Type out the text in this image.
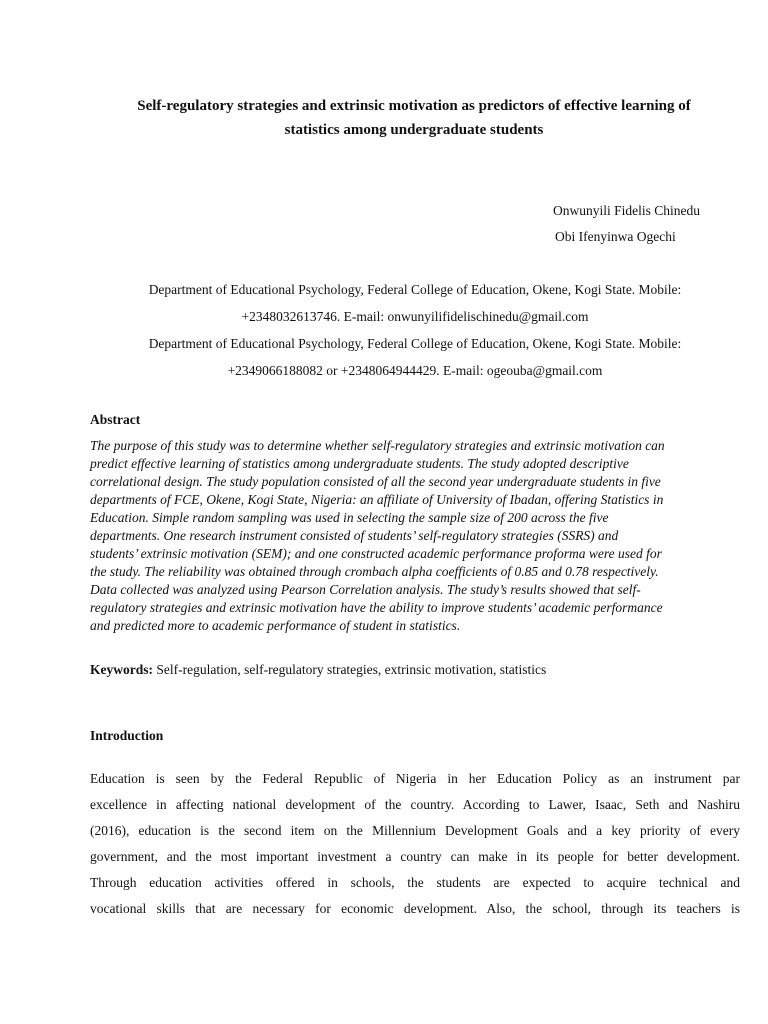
Self-regulatory strategies and extrinsic motivation as predictors of effective learning of
statistics among undergraduate students
Onwunyili Fidelis Chinedu
Obi Ifenyinwa Ogechi
Department of Educational Psychology, Federal College of Education, Okene, Kogi State. Mobile:
+2348032613746. E-mail: onwunyilifidelischinedu@gmail.com
Department of Educational Psychology, Federal College of Education, Okene, Kogi State. Mobile:
+2349066188082 or +2348064944429. E-mail: ogeouba@gmail.com
Abstract
The purpose of this study was to determine whether self-regulatory strategies and extrinsic motivation can
predict effective learning of statistics among undergraduate students. The study adopted descriptive
correlational design. The study population consisted of all the second year undergraduate students in five
departments of FCE, Okene, Kogi State, Nigeria: an affiliate of University of Ibadan, offering Statistics in
Education. Simple random sampling was used in selecting the sample size of 200 across the five
departments. One research instrument consisted of students’ self-regulatory strategies (SSRS) and
students’ extrinsic motivation (SEM); and one constructed academic performance proforma were used for
the study. The reliability was obtained through crombach alpha coefficients of 0.85 and 0.78 respectively.
Data collected was analyzed using Pearson Correlation analysis. The study’s results showed that self-
regulatory strategies and extrinsic motivation have the ability to improve students’ academic performance
and predicted more to academic performance of student in statistics.
Keywords: Self-regulation, self-regulatory strategies, extrinsic motivation, statistics
Introduction
Education is seen by the Federal Republic of Nigeria in her Education Policy as an instrument par
excellence in affecting national development of the country. According to Lawer, Isaac, Seth and Nashiru
(2016), education is the second item on the Millennium Development Goals and a key priority of every
government, and the most important investment a country can make in its people for better development.
Through education activities offered in schools, the students are expected to acquire technical and
vocational skills that are necessary for economic development. Also, the school, through its teachers is
